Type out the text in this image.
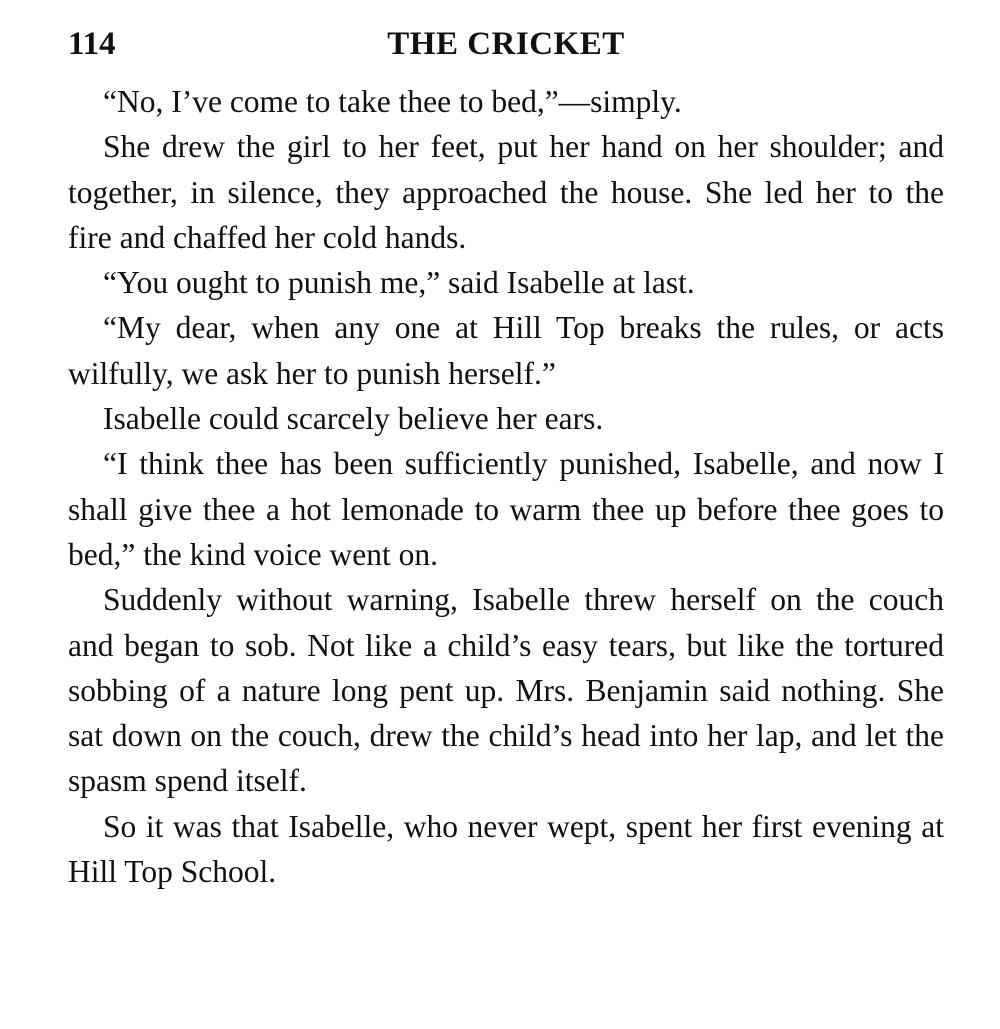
114	THE CRICKET

“No, I’ve come to take thee to bed,”—simply.

She drew the girl to her feet, put her hand on her shoulder; and together, in silence, they approached the house. She led her to the fire and chaffed her cold hands.

“You ought to punish me,” said Isabelle at last.

“My dear, when any one at Hill Top breaks the rules, or acts wilfully, we ask her to punish herself.”

Isabelle could scarcely believe her ears.

“I think thee has been sufficiently punished, Isabelle, and now I shall give thee a hot lemonade to warm thee up before thee goes to bed,” the kind voice went on.

Suddenly without warning, Isabelle threw herself on the couch and began to sob. Not like a child’s easy tears, but like the tortured sobbing of a nature long pent up. Mrs. Benjamin said nothing. She sat down on the couch, drew the child’s head into her lap, and let the spasm spend itself.

So it was that Isabelle, who never wept, spent her first evening at Hill Top School.
